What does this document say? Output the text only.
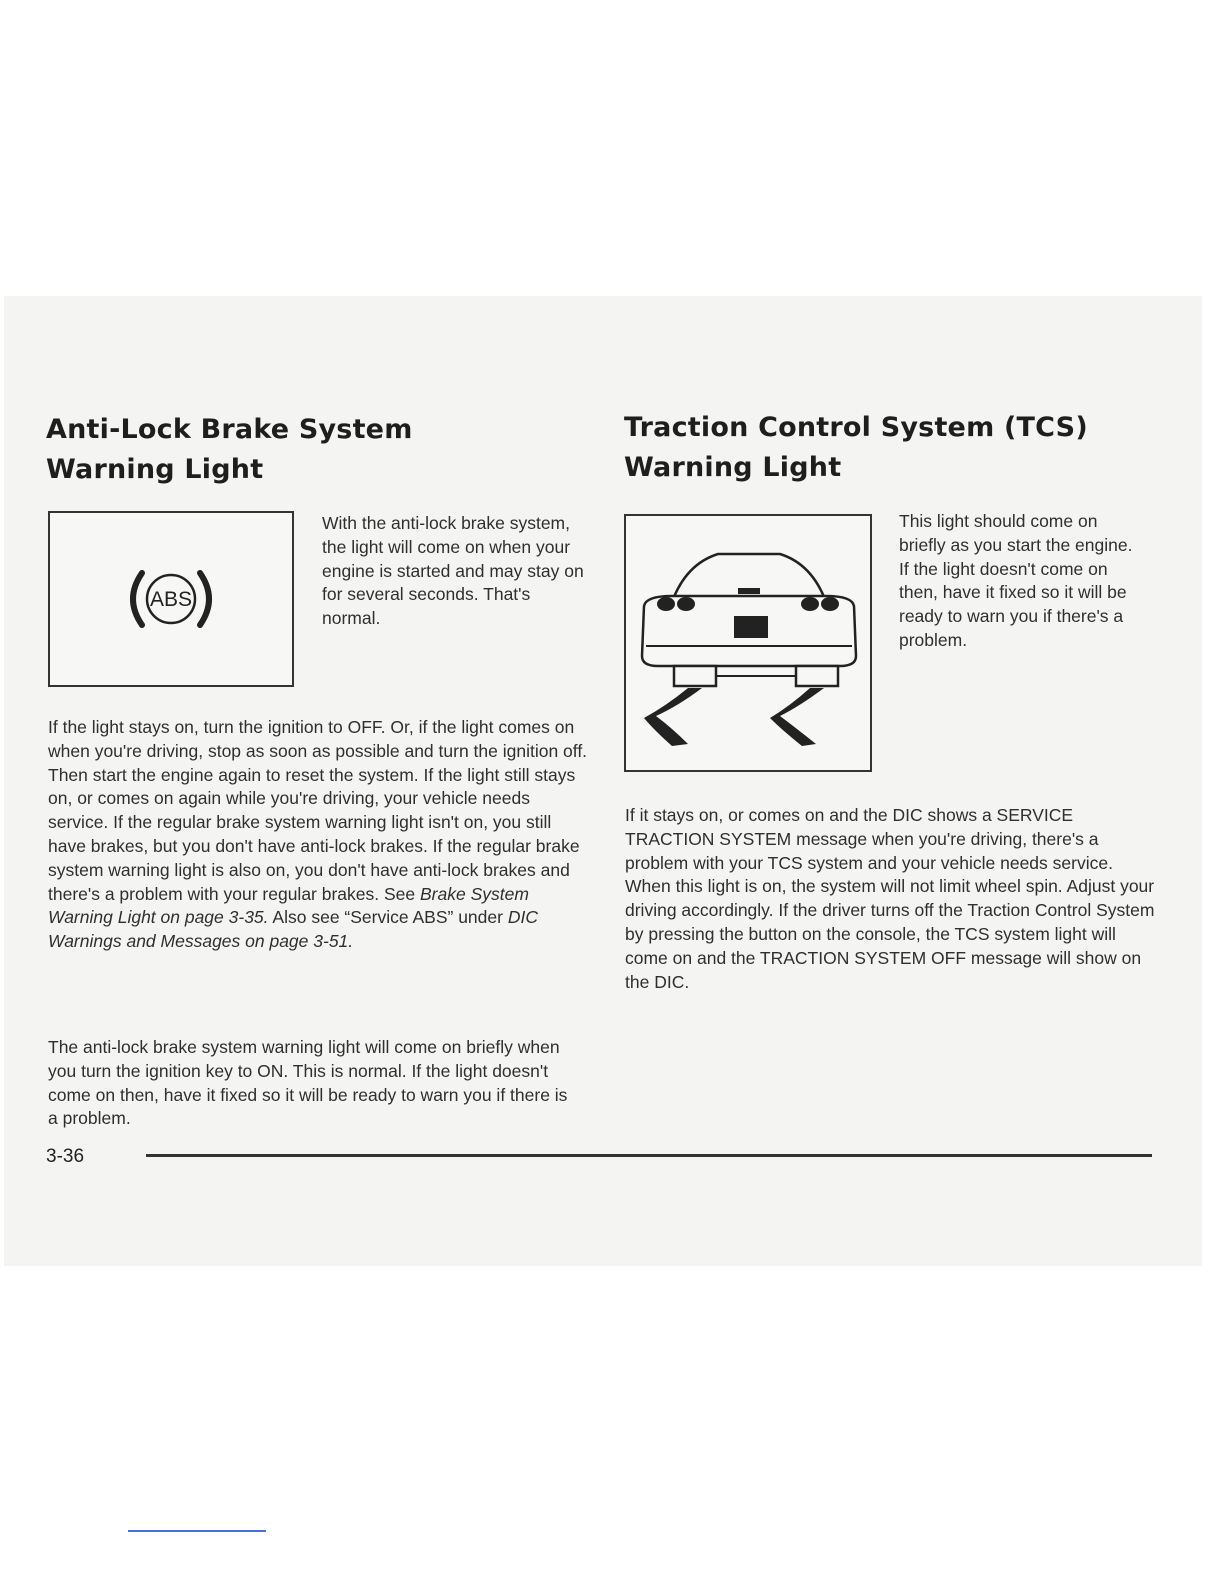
Anti-Lock Brake System
Warning Light
ABS

With the anti-lock brake system, the light will come on when your engine is started and may stay on for several seconds. That's normal.

If the light stays on, turn the ignition to OFF. Or, if the light comes on when you're driving, stop as soon as possible and turn the ignition off. Then start the engine again to reset the system. If the light still stays on, or comes on again while you're driving, your vehicle needs service. If the regular brake system warning light isn't on, you still have brakes, but you don't have anti-lock brakes. If the regular brake system warning light is also on, you don't have anti-lock brakes and there's a problem with your regular brakes. See Brake System Warning Light on page 3-35. Also see “Service ABS” under DIC Warnings and Messages on page 3-51.

The anti-lock brake system warning light will come on briefly when you turn the ignition key to ON. This is normal. If the light doesn't come on then, have it fixed so it will be ready to warn you if there is a problem.

Traction Control System (TCS)
Warning Light

This light should come on briefly as you start the engine. If the light doesn't come on then, have it fixed so it will be ready to warn you if there's a problem.

If it stays on, or comes on and the DIC shows a SERVICE TRACTION SYSTEM message when you're driving, there's a problem with your TCS system and your vehicle needs service. When this light is on, the system will not limit wheel spin. Adjust your driving accordingly. If the driver turns off the Traction Control System by pressing the button on the console, the TCS system light will come on and the TRACTION SYSTEM OFF message will show on the DIC.

3-36
